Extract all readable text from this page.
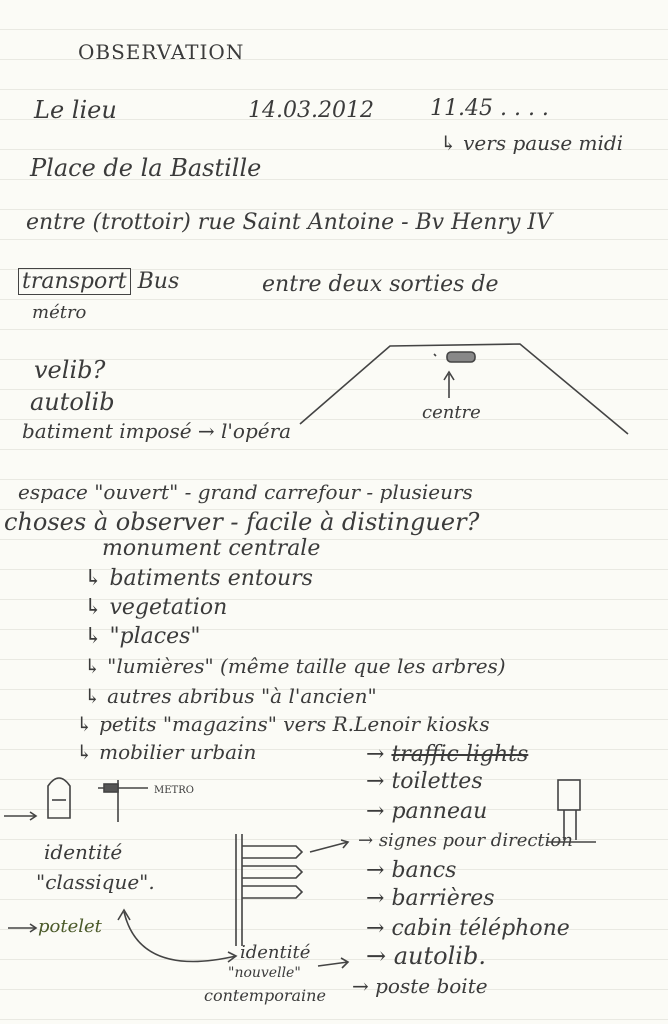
OBSERVATION
Le lieu	14.03.2012	11.45 . . . .
↳ vers pause midi
Place de la Bastille
entre (trottoir) rue Saint Antoine - Bv Henry IV
transport Bus	entre deux sorties de
métro
velib?
autolib
batiment imposé → l'opéra
centre
espace "ouvert" - grand carrefour - plusieurs
choses à observer - facile à distinguer?
monument centrale
↳ batiments entours
↳ vegetation
↳ "places"
↳ "lumières" (même taille que les arbres)
↳ autres abribus "à l'ancien"
↳ petits "magazins" vers R.Lenoir kiosks
↳ mobilier urbain	→ traffic lights
→ toilettes
→ panneau
→ signes pour direction
→ bancs
→ barrières
→ cabin téléphone
→ autolib.
→ poste boite
METRO
identité
"classique".
potelet
identité
"nouvelle"
contemporaine
